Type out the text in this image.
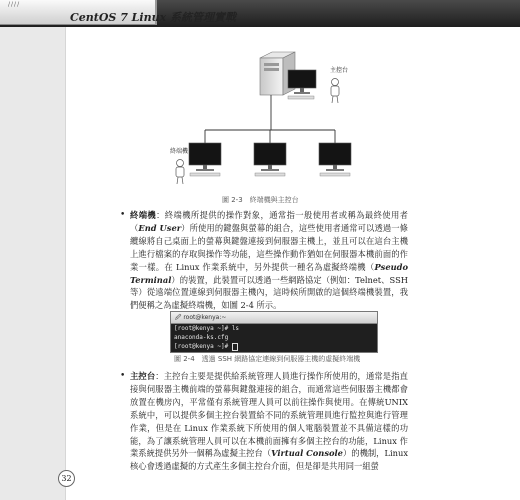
////
CentOS 7 Linux 系統管理實戰
32
主控台
終端機
圖 2-3　終端機與主控台
• 終端機：終端機所提供的操作對象，通常指一般使用者或稱為最終使用者（End User）所使用的鍵盤與螢幕的組合，這些使用者通常可以透過一條纜線將自己桌面上的螢幕與鍵盤連接到伺服器主機上，並且可以在這台主機上進行檔案的存取與操作等功能，這些操作動作猶如在伺服器本機前面的作業一樣。在 Linux 作業系統中，另外提供一種名為虛擬終端機（Pseudo Terminal）的裝置，此裝置可以透過一些網路協定（例如：Telnet、SSH等）從遠端位置連線到伺服器主機內，這時候所開啟的這個終端機裝置，我們便稱之為虛擬終端機，如圖 2-4 所示。
🖉 root@kenya:~
[root@kenya ~]# ls
anaconda-ks.cfg
[root@kenya ~]#
圖 2-4　透過 SSH 網路協定連線到伺服器主機的虛擬終端機
• 主控台：主控台主要是提供給系統管理人員進行操作所使用的，通常是指直接與伺服器主機前端的螢幕與鍵盤連接的組合，而通常這些伺服器主機都會放置在機房內，平常僅有系統管理人員可以前往操作與使用。在傳統UNIX 系統中，可以提供多個主控台裝置給不同的系統管理員進行監控與進行管理作業，但是在 Linux 作業系統下所使用的個人電腦裝置並不具備這樣的功能，為了讓系統管理人員可以在本機前面擁有多個主控台的功能，Linux 作業系統提供另外一個稱為虛擬主控台（Virtual Console）的機制，Linux 核心會透過虛擬的方式產生多個主控台介面，但是卻是共用同一組螢
